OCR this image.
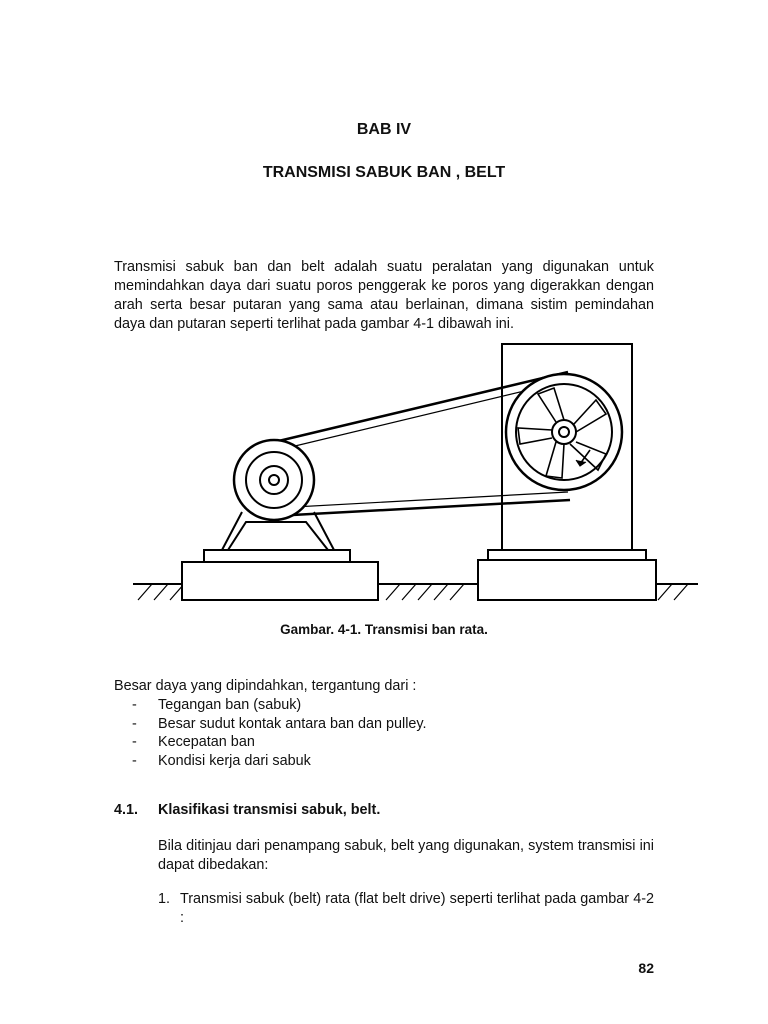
BAB IV
TRANSMISI SABUK BAN , BELT
Transmisi sabuk ban dan belt adalah suatu peralatan yang digunakan untuk memindahkan daya dari suatu poros penggerak ke poros yang digerakkan dengan arah serta besar putaran yang sama atau berlainan, dimana sistim pemindahan daya dan putaran seperti terlihat pada gambar 4-1 dibawah ini.
Gambar. 4-1. Transmisi ban rata.
Besar daya yang dipindahkan, tergantung dari :
- Tegangan ban (sabuk)
- Besar sudut kontak antara ban dan pulley.
- Kecepatan ban
- Kondisi kerja dari sabuk
4.1. Klasifikasi transmisi sabuk, belt.
Bila ditinjau dari penampang sabuk, belt yang digunakan, system transmisi ini dapat dibedakan:
1.	Transmisi sabuk (belt) rata (flat belt drive) seperti terlihat pada gambar 4-2 :
82
